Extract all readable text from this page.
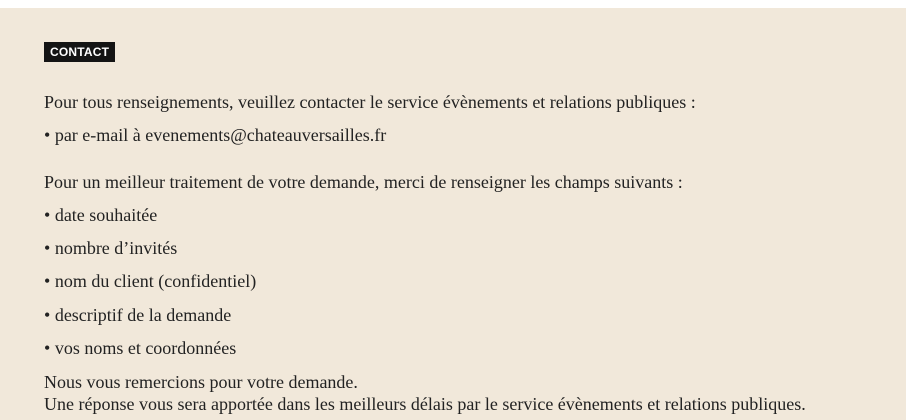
CONTACT
Pour tous renseignements, veuillez contacter le service évènements et relations publiques :
• par e-mail à evenements@chateauversailles.fr
Pour un meilleur traitement de votre demande, merci de renseigner les champs suivants :
• date souhaitée
• nombre d’invités
• nom du client (confidentiel)
• descriptif de la demande
• vos noms et coordonnées
Nous vous remercions pour votre demande.
Une réponse vous sera apportée dans les meilleurs délais par le service évènements et relations publiques.
